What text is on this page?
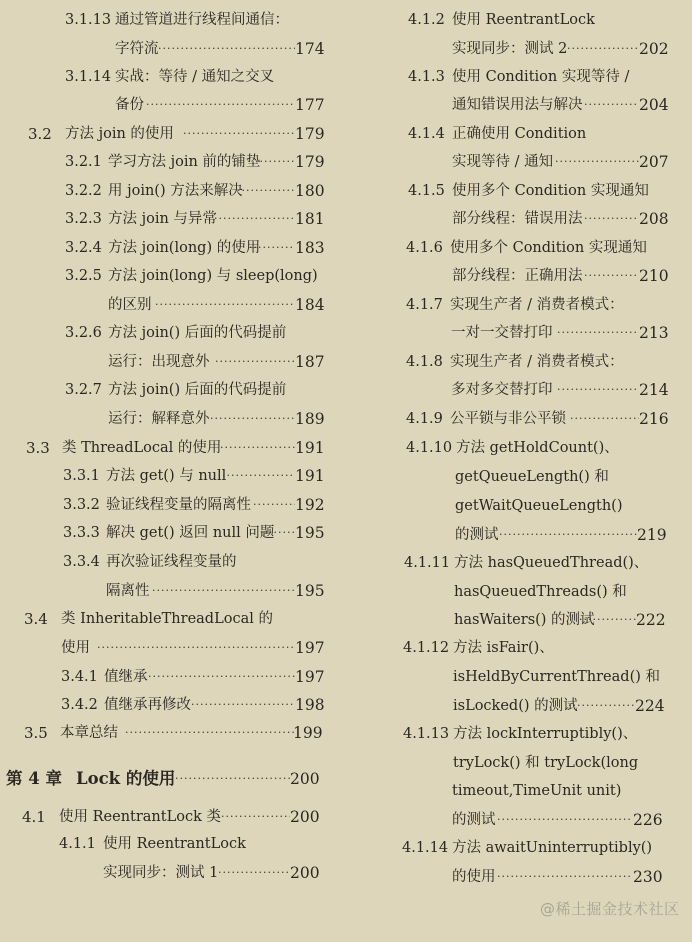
3.1.13 通过管道进行线程间通信：
字符流 ·····	174
3.1.14 实战：等待 / 通知之交叉
备份 ·····	177
3.2 方法 join 的使用 ·····	179
3.2.1 学习方法 join 前的铺垫 ····· 179
3.2.2 用 join() 方法来解决 ·····	180
3.2.3 方法 join 与异常 ·····	181
3.2.4 方法 join(long) 的使用 ····· 183
3.2.5 方法 join(long) 与 sleep(long)
的区别 ·····	184
3.2.6 方法 join() 后面的代码提前
运行：出现意外 ·····	187
3.2.7 方法 join() 后面的代码提前
运行：解释意外 ·····	189
3.3 类 ThreadLocal 的使用 ·····	191
3.3.1 方法 get() 与 null ·····	191
3.3.2 验证线程变量的隔离性 ·····	192
3.3.3 解决 get() 返回 null 问题 ····· 195
3.3.4 再次验证线程变量的
隔离性 ·····	195
3.4 类 InheritableThreadLocal 的
使用 ·····	197
3.4.1 值继承 ·····	197
3.4.2 值继承再修改 ·····	198
3.5 本章总结 ·····	199
第 4 章 Lock 的使用 ·····	200
4.1 使用 ReentrantLock 类 ·····	200
4.1.1 使用 ReentrantLock
实现同步：测试 1 ·····	200
4.1.2 使用 ReentrantLock
实现同步：测试 2 ·····	202
4.1.3 使用 Condition 实现等待 /
通知错误用法与解决 ·····	204
4.1.4 正确使用 Condition
实现等待 / 通知 ·····	207
4.1.5 使用多个 Condition 实现通知
部分线程：错误用法 ·····	208
4.1.6 使用多个 Condition 实现通知
部分线程：正确用法 ·····	210
4.1.7 实现生产者 / 消费者模式：
一对一交替打印 ·····	213
4.1.8 实现生产者 / 消费者模式：
多对多交替打印 ·····	214
4.1.9 公平锁与非公平锁 ·····	216
4.1.10 方法 getHoldCount()、
getQueueLength() 和
getWaitQueueLength()
的测试 ·····	219
4.1.11 方法 hasQueuedThread()、
hasQueuedThreads() 和
hasWaiters() 的测试 ·····	222
4.1.12 方法 isFair()、
isHeldByCurrentThread() 和
isLocked() 的测试 ·····	224
4.1.13 方法 lockInterruptibly()、
tryLock() 和 tryLock(long
timeout,TimeUnit unit)
的测试 ·····	226
4.1.14 方法 awaitUninterruptibly()
的使用 ·····	230
@稀土掘金技术社区
